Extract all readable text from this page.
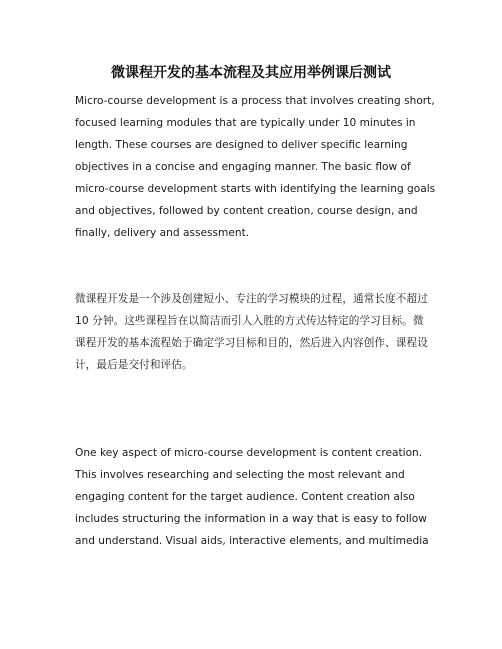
微课程开发的基本流程及其应用举例课后测试
Micro-course development is a process that involves creating short,
focused learning modules that are typically under 10 minutes in
length. These courses are designed to deliver specific learning
objectives in a concise and engaging manner. The basic flow of
micro-course development starts with identifying the learning goals
and objectives, followed by content creation, course design, and
finally, delivery and assessment.
微课程开发是一个涉及创建短小、专注的学习模块的过程，通常长度不超过
10 分钟。这些课程旨在以简洁而引人入胜的方式传达特定的学习目标。微
课程开发的基本流程始于确定学习目标和目的，然后进入内容创作、课程设
计，最后是交付和评估。
One key aspect of micro-course development is content creation.
This involves researching and selecting the most relevant and
engaging content for the target audience. Content creation also
includes structuring the information in a way that is easy to follow
and understand. Visual aids, interactive elements, and multimedia
